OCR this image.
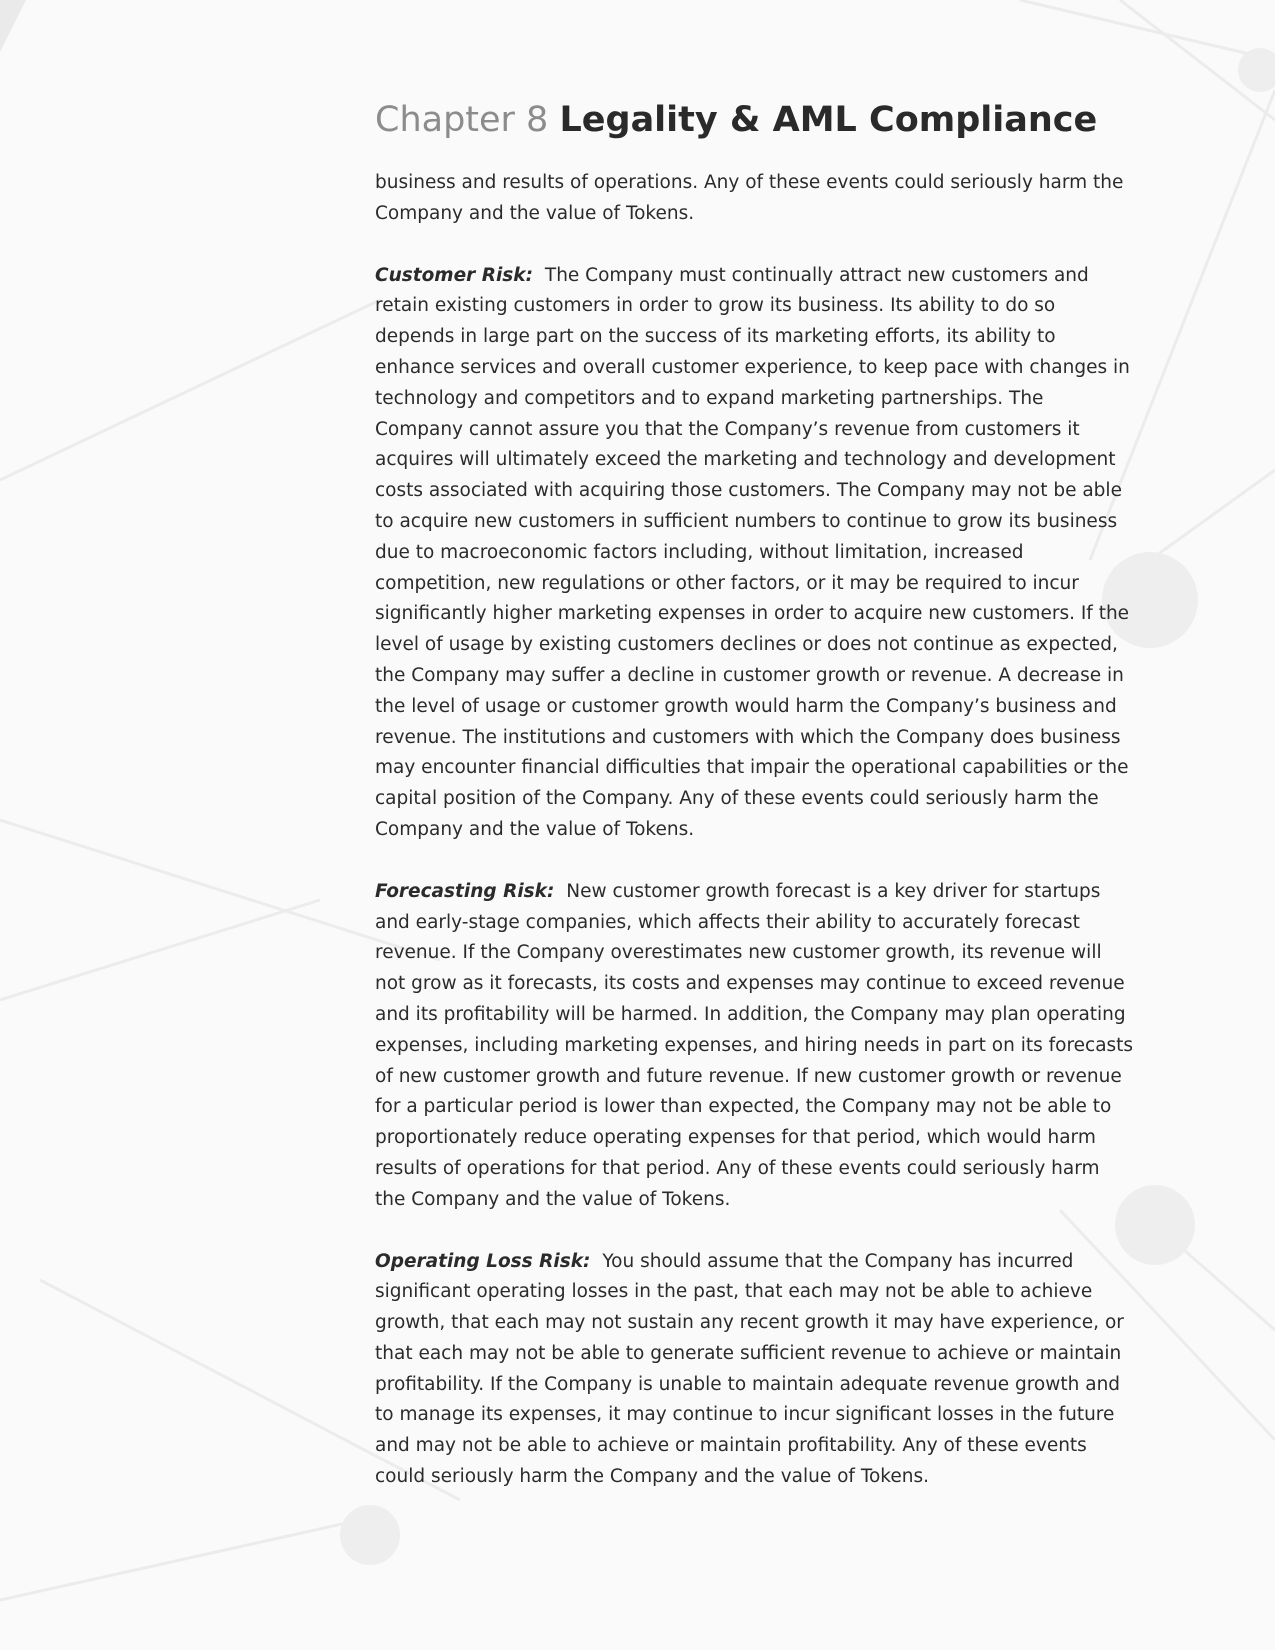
Chapter 8 Legality & AML Compliance

business and results of operations. Any of these events could seriously harm the Company and the value of Tokens.

Customer Risk: The Company must continually attract new customers and retain existing customers in order to grow its business. Its ability to do so depends in large part on the success of its marketing efforts, its ability to enhance services and overall customer experience, to keep pace with changes in technology and competitors and to expand marketing partnerships. The Company cannot assure you that the Company’s revenue from customers it acquires will ultimately exceed the marketing and technology and development costs associated with acquiring those customers. The Company may not be able to acquire new customers in sufficient numbers to continue to grow its business due to macroeconomic factors including, without limitation, increased competition, new regulations or other factors, or it may be required to incur significantly higher marketing expenses in order to acquire new customers. If the level of usage by existing customers declines or does not continue as expected, the Company may suffer a decline in customer growth or revenue. A decrease in the level of usage or customer growth would harm the Company’s business and revenue. The institutions and customers with which the Company does business may encounter financial difficulties that impair the operational capabilities or the capital position of the Company. Any of these events could seriously harm the Company and the value of Tokens.

Forecasting Risk: New customer growth forecast is a key driver for startups and early-stage companies, which affects their ability to accurately forecast revenue. If the Company overestimates new customer growth, its revenue will not grow as it forecasts, its costs and expenses may continue to exceed revenue and its profitability will be harmed. In addition, the Company may plan operating expenses, including marketing expenses, and hiring needs in part on its forecasts of new customer growth and future revenue. If new customer growth or revenue for a particular period is lower than expected, the Company may not be able to proportionately reduce operating expenses for that period, which would harm results of operations for that period. Any of these events could seriously harm the Company and the value of Tokens.

Operating Loss Risk: You should assume that the Company has incurred significant operating losses in the past, that each may not be able to achieve growth, that each may not sustain any recent growth it may have experience, or that each may not be able to generate sufficient revenue to achieve or maintain profitability. If the Company is unable to maintain adequate revenue growth and to manage its expenses, it may continue to incur significant losses in the future and may not be able to achieve or maintain profitability. Any of these events could seriously harm the Company and the value of Tokens.
